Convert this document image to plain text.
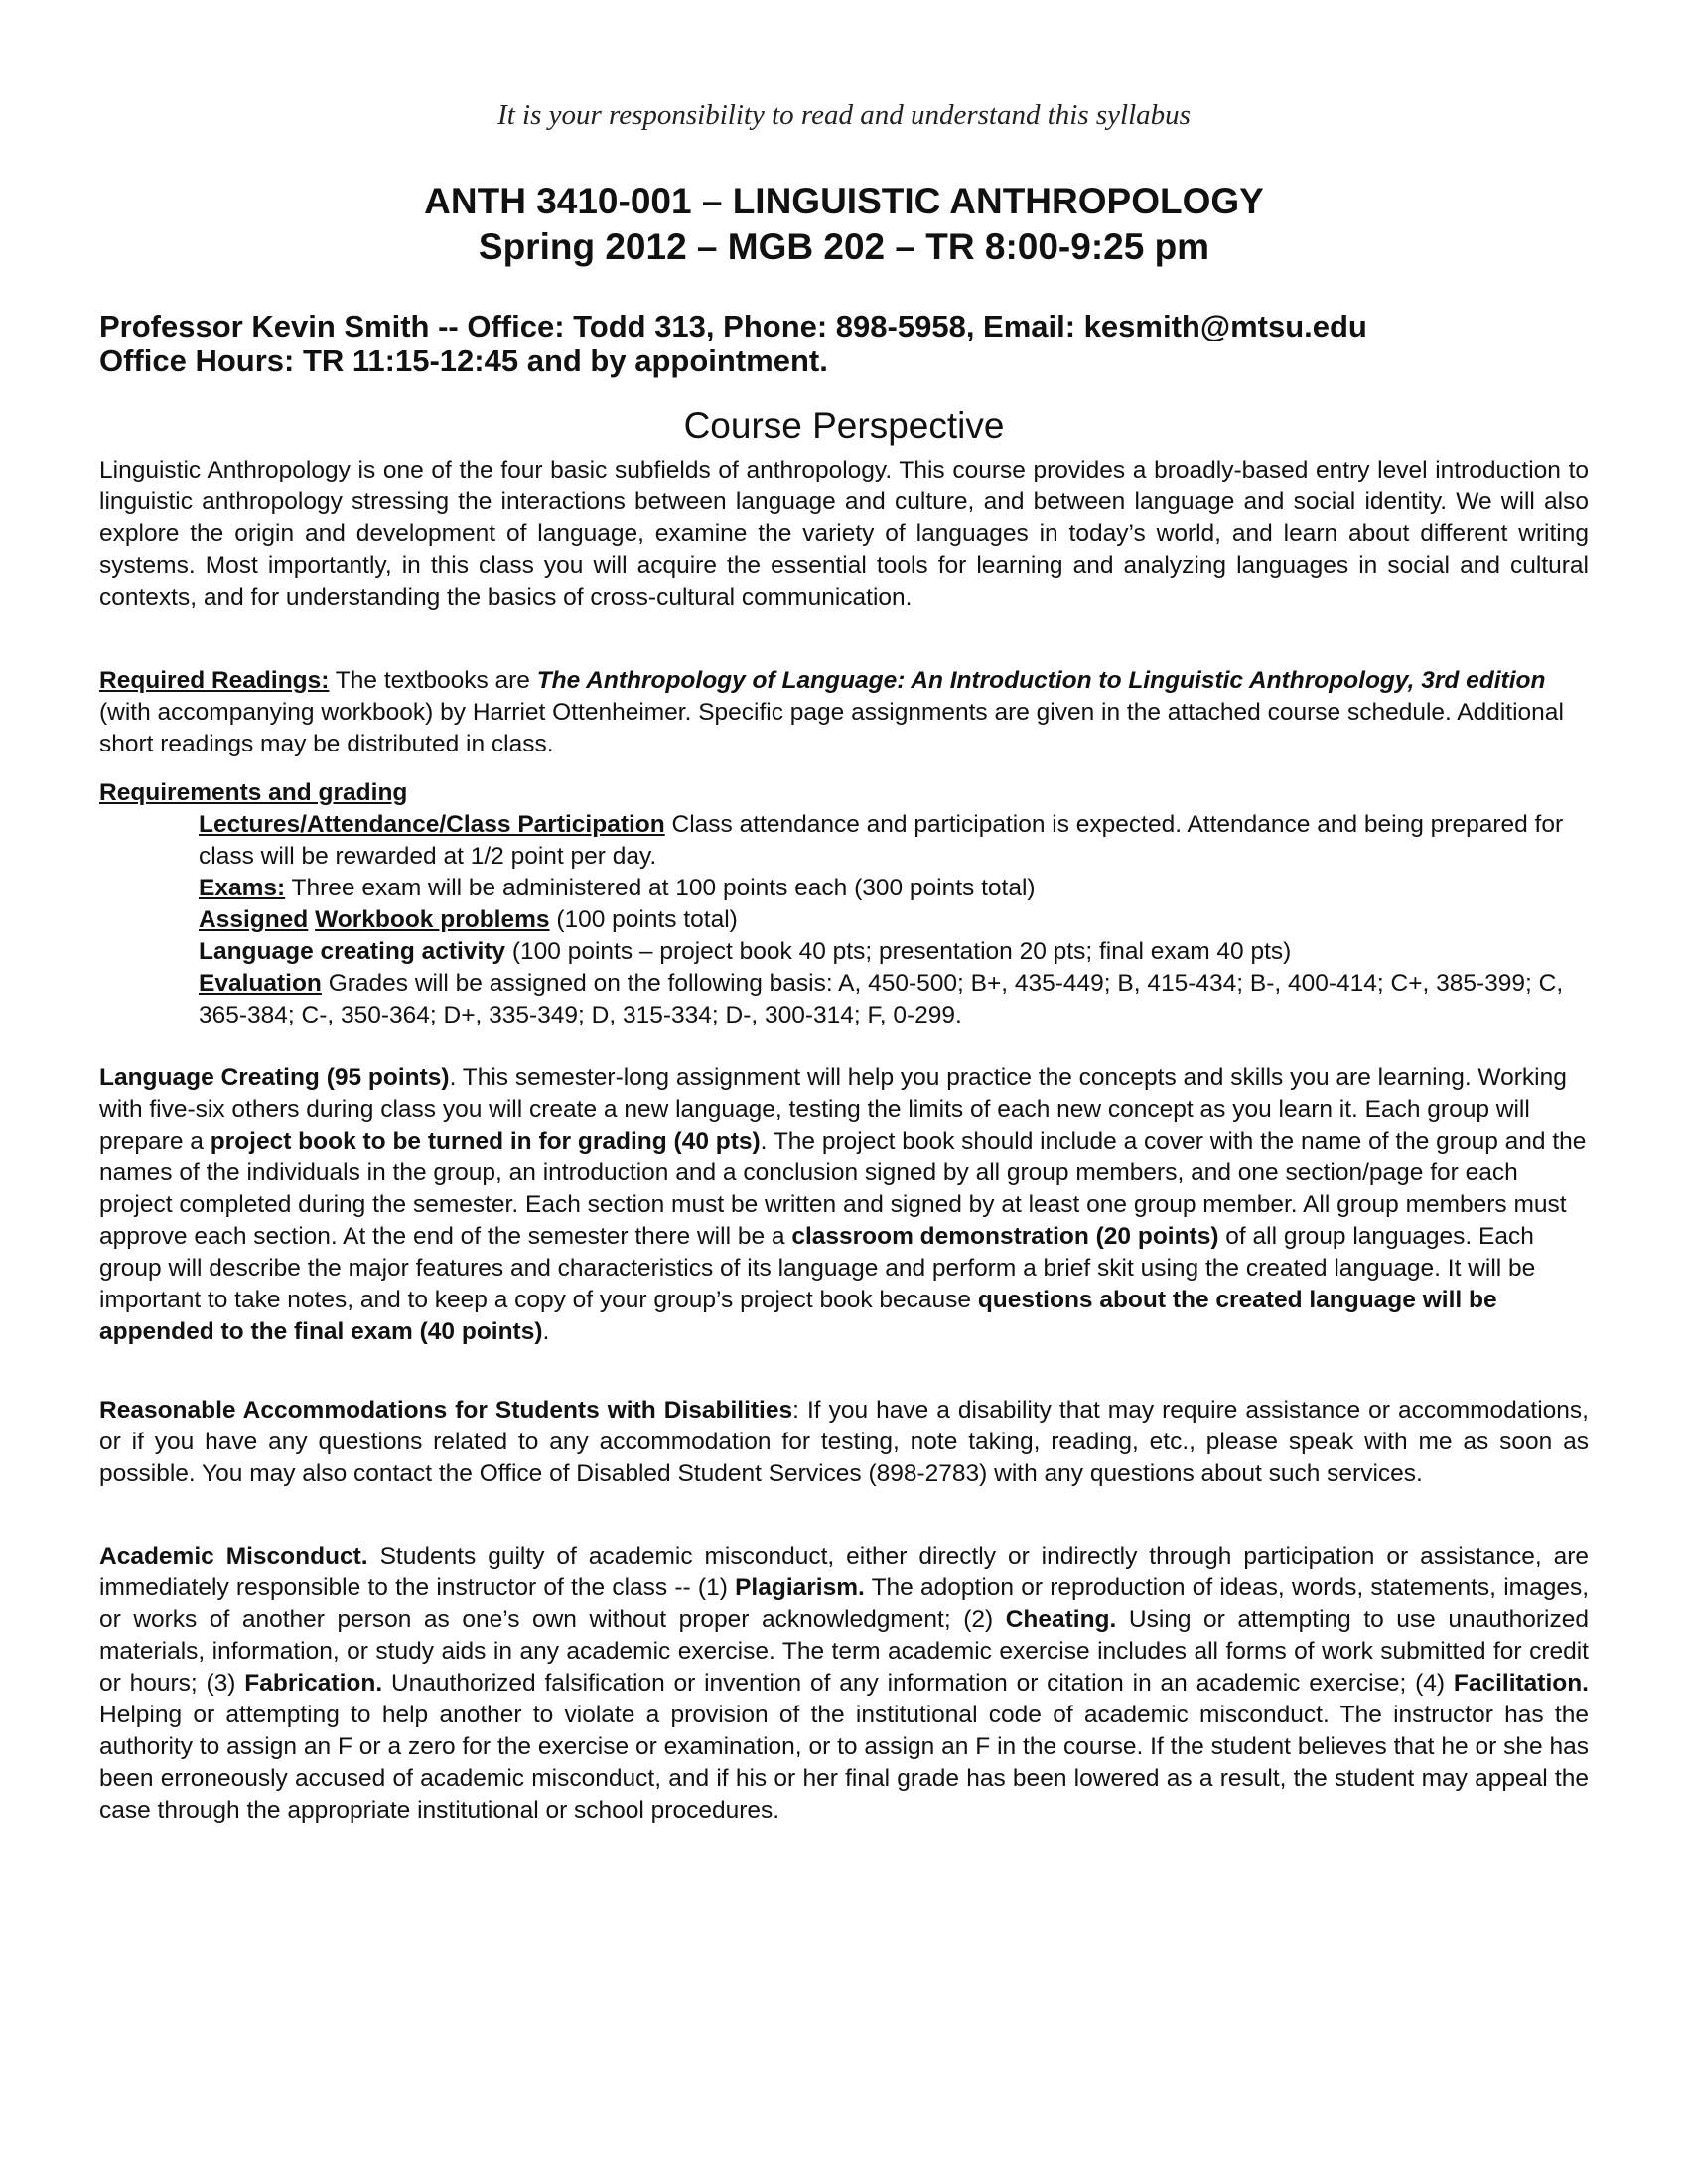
It is your responsibility to read and understand this syllabus
ANTH 3410-001 – LINGUISTIC ANTHROPOLOGY
Spring 2012 – MGB 202 – TR 8:00-9:25 pm
Professor Kevin Smith -- Office: Todd 313, Phone: 898-5958, Email: kesmith@mtsu.edu
Office Hours: TR 11:15-12:45 and by appointment.
Course Perspective

Linguistic Anthropology is one of the four basic subfields of anthropology. This course provides a broadly-based entry level introduction to linguistic anthropology stressing the interactions between language and culture, and between language and social identity. We will also explore the origin and development of language, examine the variety of languages in today’s world, and learn about different writing systems. Most importantly, in this class you will acquire the essential tools for learning and analyzing languages in social and cultural contexts, and for understanding the basics of cross-cultural communication.

Required Readings: The textbooks are The Anthropology of Language: An Introduction to Linguistic Anthropology, 3rd edition (with accompanying workbook) by Harriet Ottenheimer. Specific page assignments are given in the attached course schedule. Additional short readings may be distributed in class.

Requirements and grading

Lectures/Attendance/Class Participation Class attendance and participation is expected. Attendance and being prepared for class will be rewarded at 1/2 point per day.

Exams: Three exam will be administered at 100 points each (300 points total)

Assigned Workbook problems (100 points total)

Language creating activity (100 points – project book 40 pts; presentation 20 pts; final exam 40 pts)

Evaluation Grades will be assigned on the following basis: A, 450-500; B+, 435-449; B, 415-434; B-, 400-414; C+, 385-399; C, 365-384; C-, 350-364; D+, 335-349; D, 315-334; D-, 300-314; F, 0-299.

Language Creating (95 points). This semester-long assignment will help you practice the concepts and skills you are learning. Working with five-six others during class you will create a new language, testing the limits of each new concept as you learn it. Each group will prepare a project book to be turned in for grading (40 pts). The project book should include a cover with the name of the group and the names of the individuals in the group, an introduction and a conclusion signed by all group members, and one section/page for each project completed during the semester. Each section must be written and signed by at least one group member. All group members must approve each section. At the end of the semester there will be a classroom demonstration (20 points) of all group languages. Each group will describe the major features and characteristics of its language and perform a brief skit using the created language. It will be important to take notes, and to keep a copy of your group’s project book because questions about the created language will be appended to the final exam (40 points).

Reasonable Accommodations for Students with Disabilities: If you have a disability that may require assistance or accommodations, or if you have any questions related to any accommodation for testing, note taking, reading, etc., please speak with me as soon as possible. You may also contact the Office of Disabled Student Services (898-2783) with any questions about such services.

Academic Misconduct. Students guilty of academic misconduct, either directly or indirectly through participation or assistance, are immediately responsible to the instructor of the class -- (1) Plagiarism. The adoption or reproduction of ideas, words, statements, images, or works of another person as one’s own without proper acknowledgment; (2) Cheating. Using or attempting to use unauthorized materials, information, or study aids in any academic exercise. The term academic exercise includes all forms of work submitted for credit or hours; (3) Fabrication. Unauthorized falsification or invention of any information or citation in an academic exercise; (4) Facilitation. Helping or attempting to help another to violate a provision of the institutional code of academic misconduct. The instructor has the authority to assign an F or a zero for the exercise or examination, or to assign an F in the course. If the student believes that he or she has been erroneously accused of academic misconduct, and if his or her final grade has been lowered as a result, the student may appeal the case through the appropriate institutional or school procedures.
